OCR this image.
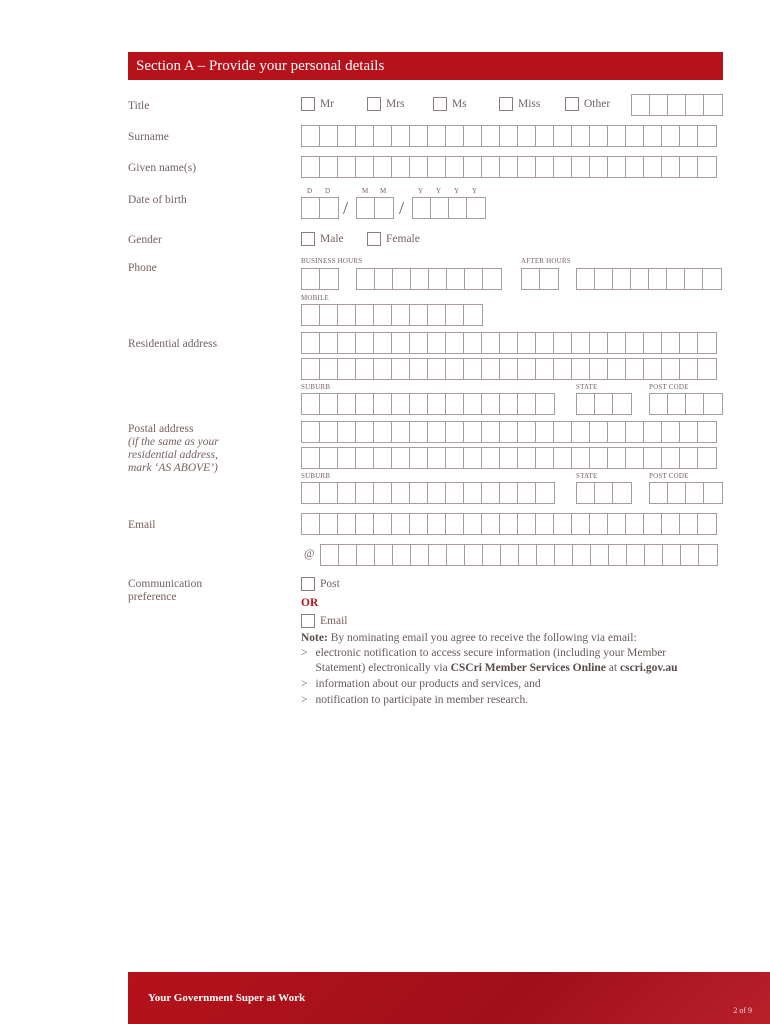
Section A – Provide your personal details
Title	Mr	Mrs	Ms	Miss	Other
Surname
Given name(s)
Date of birth
D D	M M	Y Y Y Y
/	/
Gender	Male	Female
Phone
BUSINESS HOURS	AFTER HOURS
MOBILE
Residential address
SUBURB	STATE	POST CODE
Postal address
(if the same as your
residential address,
mark ‘AS ABOVE’)
SUBURB	STATE	POST CODE
Email
@
Communication
preference
Post
OR
Email
Note: By nominating email you agree to receive the following via email:
> electronic notification to access secure information (including your Member
Statement) electronically via CSCri Member Services Online at cscri.gov.au
> information about our products and services, and
> notification to participate in member research.
Your Government Super at Work
2 of 9
